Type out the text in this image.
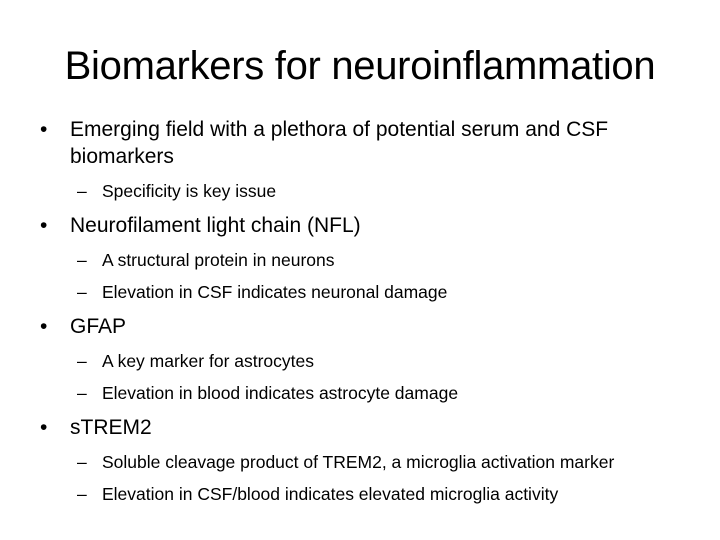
Biomarkers for neuroinflammation
•	Emerging field with a plethora of potential serum and CSF biomarkers
– Specificity is key issue
•	Neurofilament light chain (NFL)
– A structural protein in neurons
– Elevation in CSF indicates neuronal damage
•	GFAP
– A key marker for astrocytes
– Elevation in blood indicates astrocyte damage
•	sTREM2
– Soluble cleavage product of TREM2, a microglia activation marker
– Elevation in CSF/blood indicates elevated microglia activity
